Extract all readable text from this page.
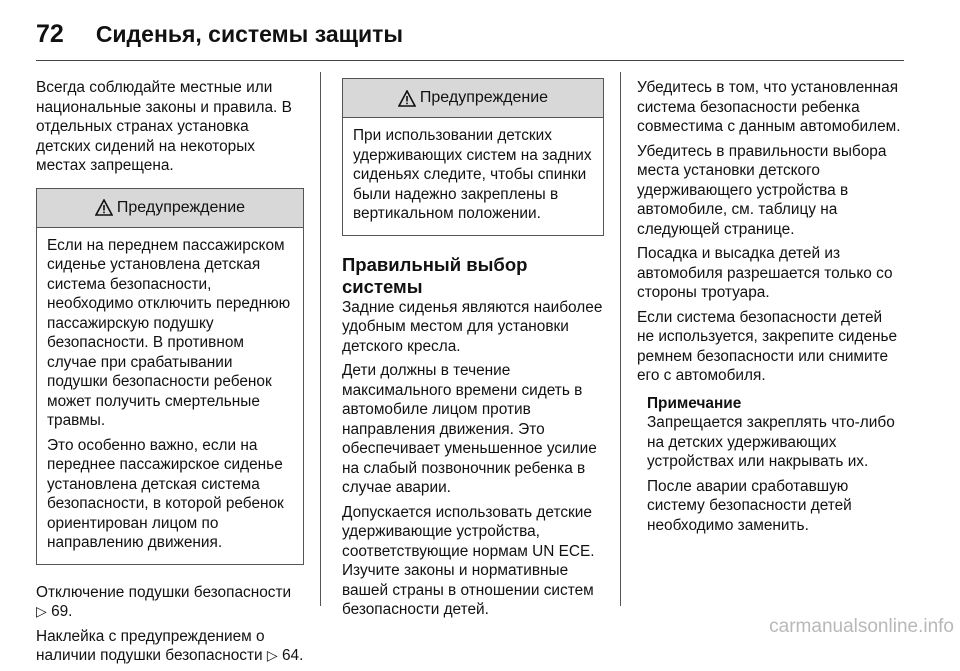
72 Сиденья, системы защиты

Всегда соблюдайте местные или национальные законы и правила. В отдельных странах установка детских сидений на некоторых местах запрещена.

Предупреждение

Если на переднем пассажирском сиденье установлена детская система безопасности, необходимо отключить переднюю пассажирскую подушку безопасности. В противном случае при срабатывании подушки безопасности ребенок может получить смертельные травмы.

Это особенно важно, если на переднее пассажирское сиденье установлена детская система безопасности, в которой ребенок ориентирован лицом по направлению движения.

Отключение подушки безопасности ▷ 69.

Наклейка с предупреждением о наличии подушки безопасности ▷ 64.

Предупреждение

При использовании детских удерживающих систем на задних сиденьях следите, чтобы спинки были надежно закреплены в вертикальном положении.

Правильный выбор системы

Задние сиденья являются наиболее удобным местом для установки детского кресла.

Дети должны в течение максимального времени сидеть в автомобиле лицом против направления движения. Это обеспечивает уменьшенное усилие на слабый позвоночник ребенка в случае аварии.

Допускается использовать детские удерживающие устройства, соответствующие нормам UN ECE. Изучите законы и нормативные вашей страны в отношении систем безопасности детей.

Убедитесь в том, что установленная система безопасности ребенка совместима с данным автомобилем.

Убедитесь в правильности выбора места установки детского удерживающего устройства в автомобиле, см. таблицу на следующей странице.

Посадка и высадка детей из автомобиля разрешается только со стороны тротуара.

Если система безопасности детей не используется, закрепите сиденье ремнем безопасности или снимите его с автомобиля.

Примечание

Запрещается закреплять что-либо на детских удерживающих устройствах или накрывать их.

После аварии сработавшую систему безопасности детей необходимо заменить.

carmanualsonline.info
